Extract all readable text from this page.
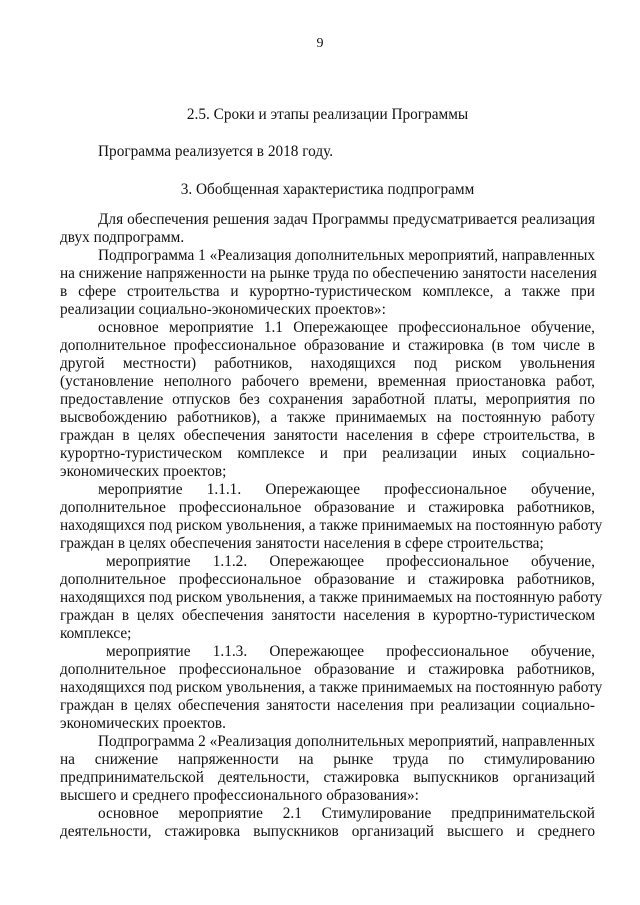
9
2.5. Сроки и этапы реализации Программы
Программа реализуется в 2018 году.
3. Обобщенная характеристика подпрограмм
Для обеспечения решения задач Программы предусматривается реализация
двух подпрограмм.
Подпрограмма 1 «Реализация дополнительных мероприятий, направленных
на снижение напряженности на рынке труда по обеспечению занятости населения
в сфере строительства и курортно-туристическом комплексе, а также при
реализации социально-экономических проектов»:
основное мероприятие 1.1 Опережающее профессиональное обучение,
дополнительное профессиональное образование и стажировка (в том числе в
другой местности) работников, находящихся под риском увольнения
(установление неполного рабочего времени, временная приостановка работ,
предоставление отпусков без сохранения заработной платы, мероприятия по
высвобождению работников), а также принимаемых на постоянную работу
граждан в целях обеспечения занятости населения в сфере строительства, в
курортно-туристическом комплексе и при реализации иных социально-
экономических проектов;
мероприятие 1.1.1. Опережающее профессиональное обучение,
дополнительное профессиональное образование и стажировка работников,
находящихся под риском увольнения, а также принимаемых на постоянную работу
граждан в целях обеспечения занятости населения в сфере строительства;
мероприятие 1.1.2. Опережающее профессиональное обучение,
дополнительное профессиональное образование и стажировка работников,
находящихся под риском увольнения, а также принимаемых на постоянную работу
граждан в целях обеспечения занятости населения в курортно-туристическом
комплексе;
мероприятие 1.1.3. Опережающее профессиональное обучение,
дополнительное профессиональное образование и стажировка работников,
находящихся под риском увольнения, а также принимаемых на постоянную работу
граждан в целях обеспечения занятости населения при реализации социально-
экономических проектов.
Подпрограмма 2 «Реализация дополнительных мероприятий, направленных
на снижение напряженности на рынке труда по стимулированию
предпринимательской деятельности, стажировка выпускников организаций
высшего и среднего профессионального образования»:
основное мероприятие 2.1 Стимулирование предпринимательской
деятельности, стажировка выпускников организаций высшего и среднего
